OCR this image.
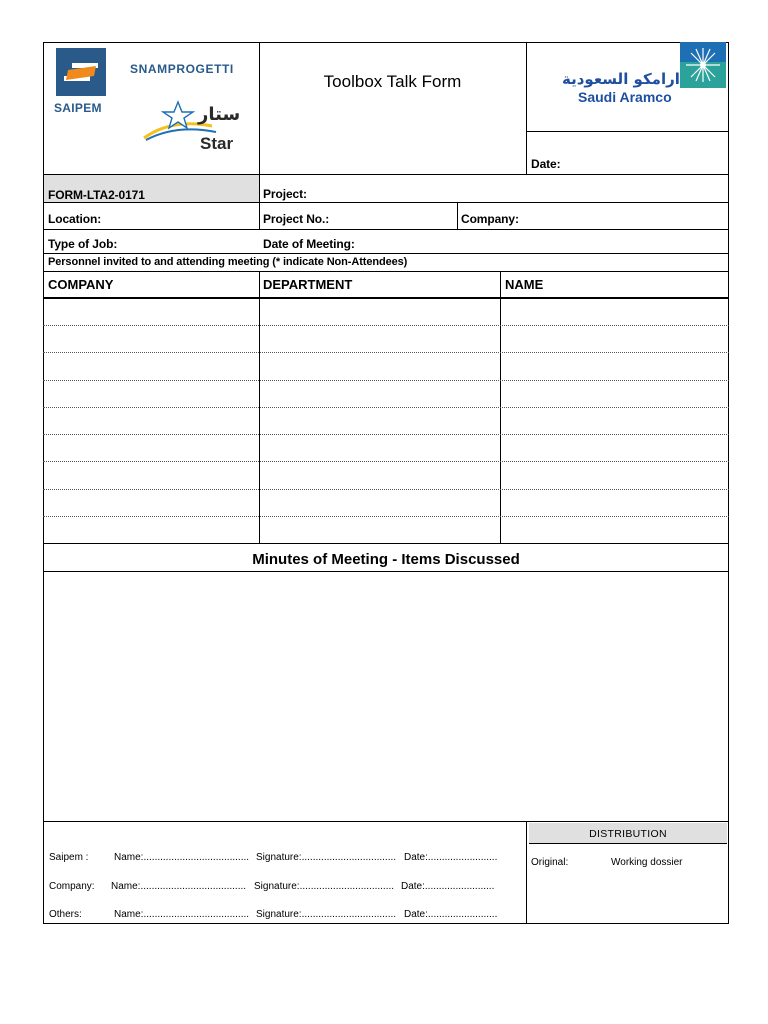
SAIPEM
SNAMPROGETTI
ستار
Star
Toolbox Talk Form	ارامكو السعودية
Saudi Aramco
Date:
FORM-LTA2-0171	Project:
Location:	Project No.:	Company:
Type of Job:	Date of Meeting:
Personnel invited to and attending meeting (* indicate Non-Attendees)
COMPANY	DEPARTMENT	NAME
Minutes of Meeting - Items Discussed
Saipem :	Name:...................................... Signature:.................................. Date:.........................
Company: Name:...................................... Signature:.................................. Date:.........................
Others:	Name:...................................... Signature:.................................. Date:.........................
DISTRIBUTION
Original:	Working dossier
